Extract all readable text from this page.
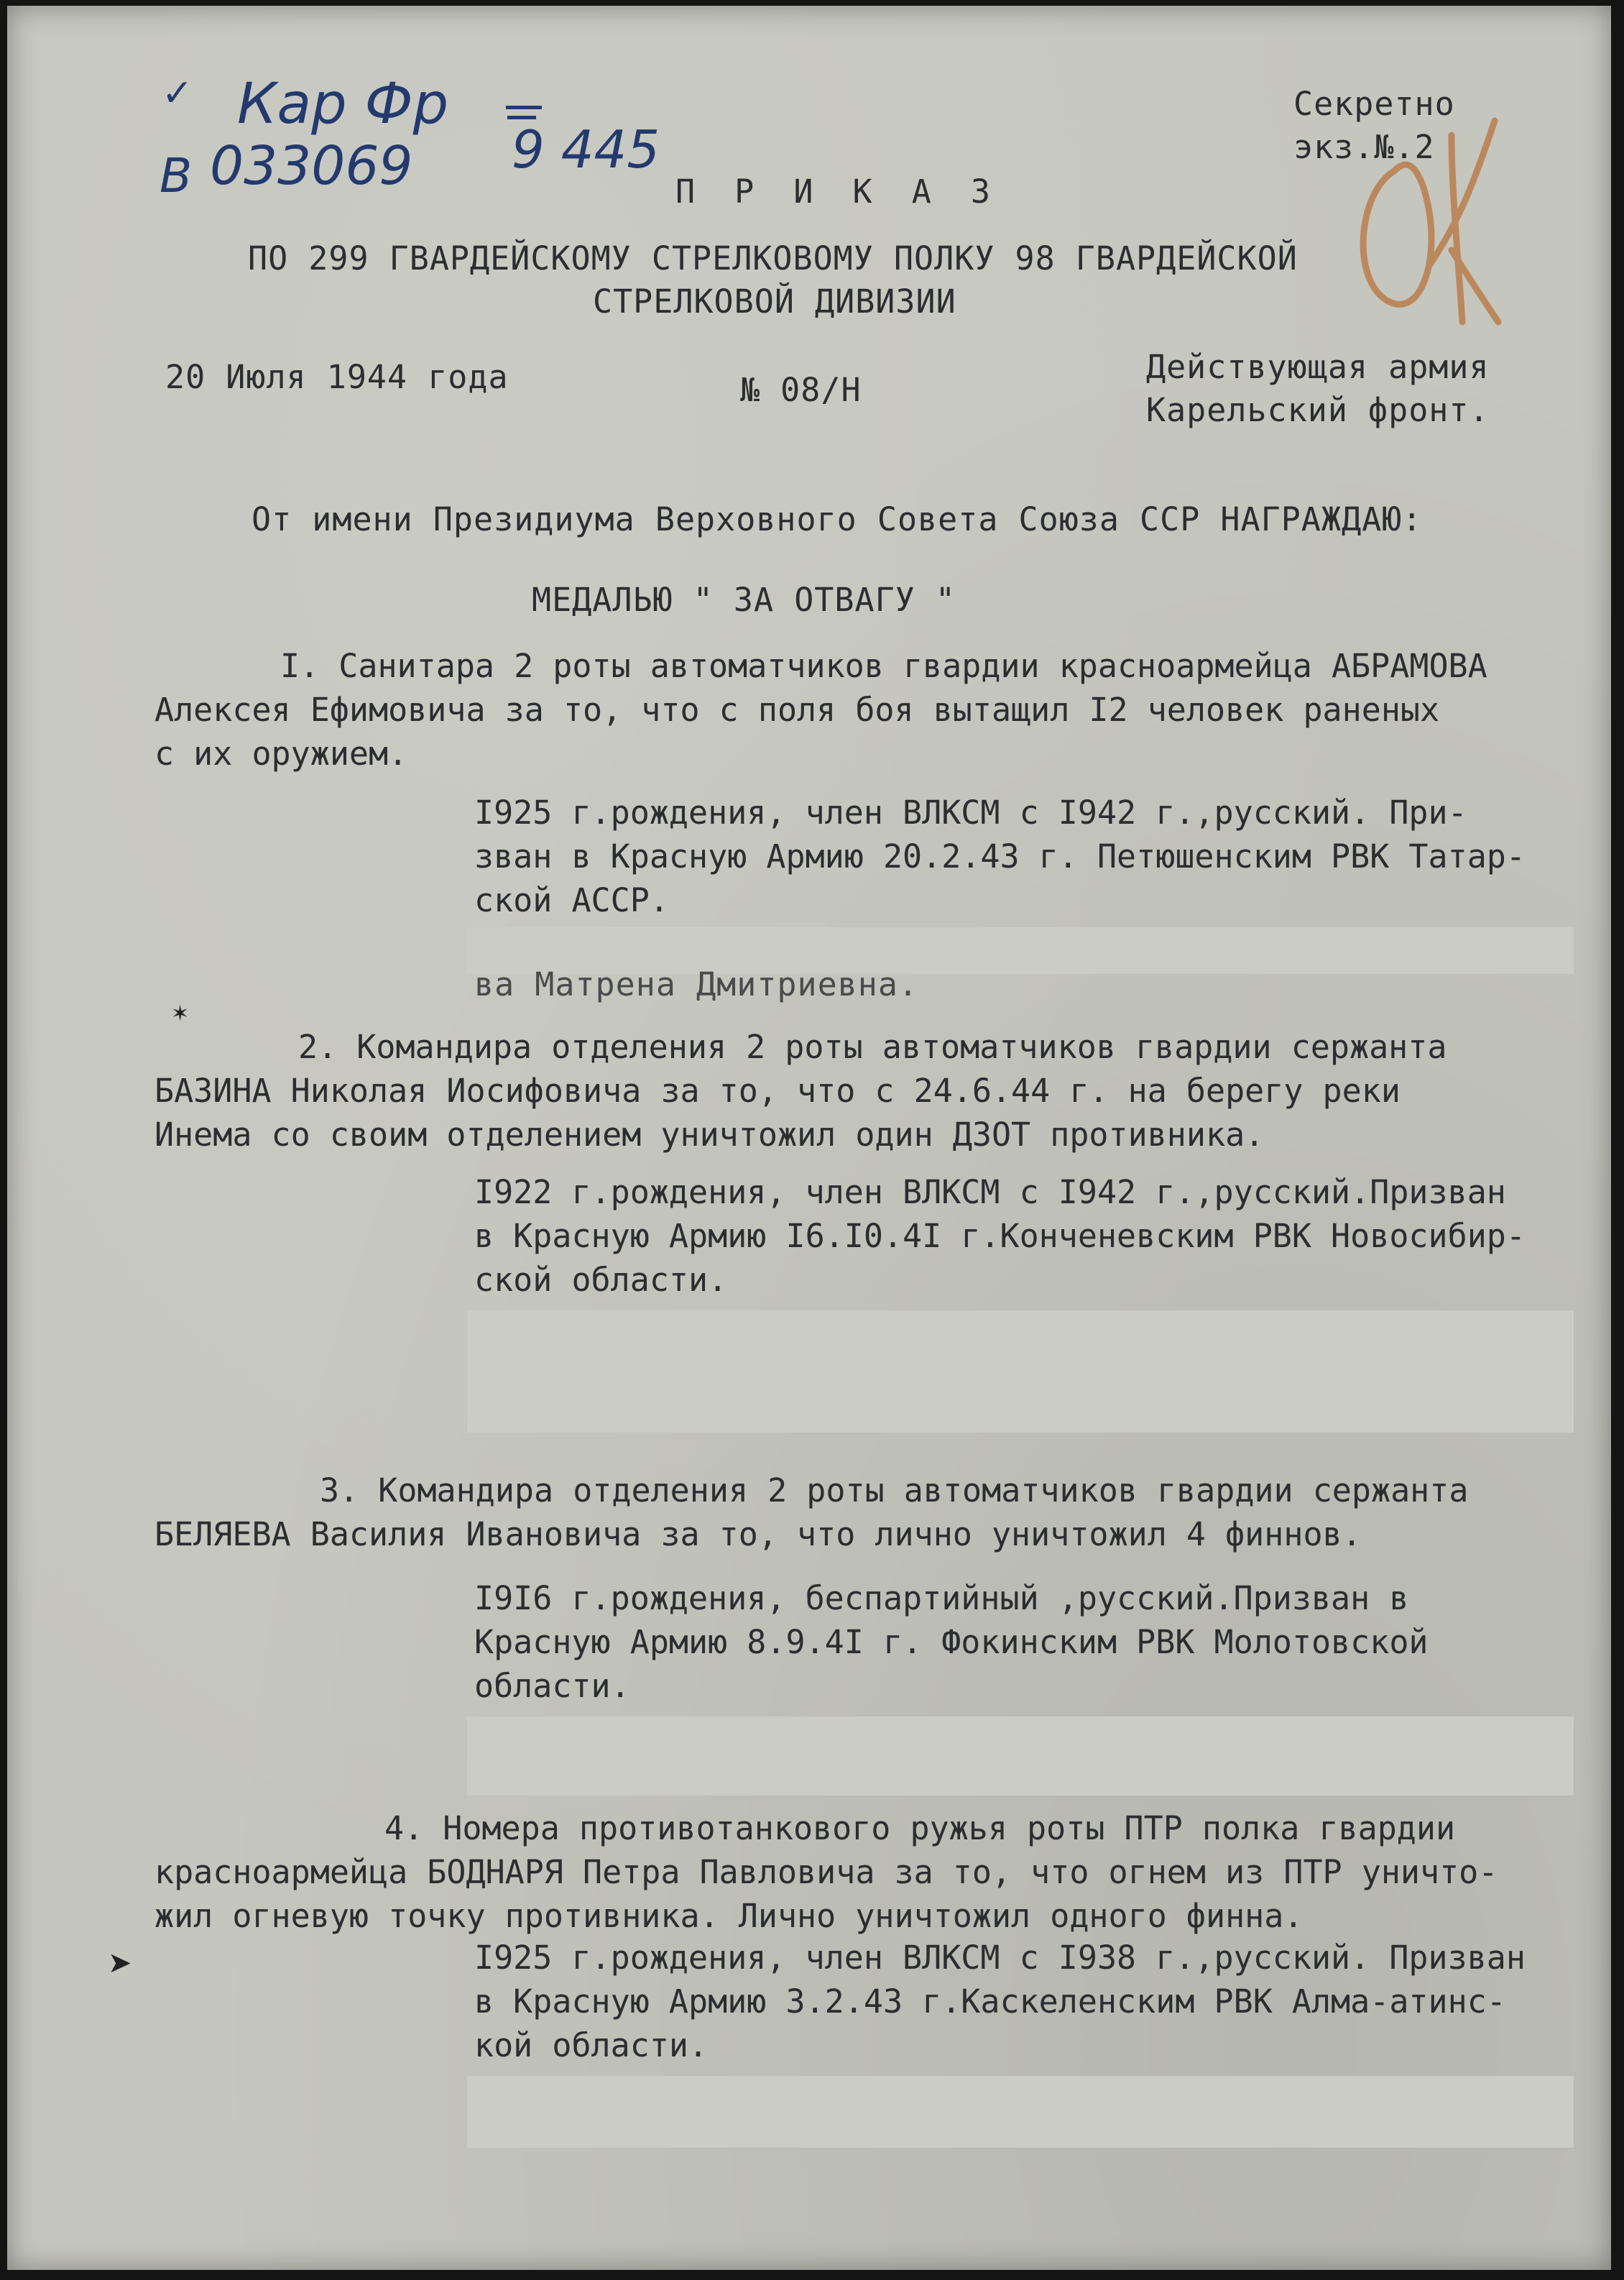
Кар Фр
✓
В 033069 9 445
Секретно
экз.№.2
П Р И К А З
ПО 299 ГВАРДЕЙСКОМУ СТРЕЛКОВОМУ ПОЛКУ 98 ГВАРДЕЙСКОЙ
СТРЕЛКОВОЙ ДИВИЗИИ
20 Июля 1944 года	№ 08/Н
Действующая армия
Карельский фронт.
От имени Президиума Верховного Совета Союза ССР НАГРАЖДАЮ:
МЕДАЛЬЮ " ЗА ОТВАГУ "
I. Санитара 2 роты автоматчиков гвардии красноармейца АБРАМОВА
Алексея Ефимовича за то, что с поля боя вытащил I2 человек раненых
с их оружием.
I925 г.рождения, член ВЛКСМ с I942 г.,русский. При-
зван в Красную Армию 20.2.43 г. Петюшенским РВК Татар-
ской АССР.
ва Матрена Дмитриевна.
2. Командира отделения 2 роты автоматчиков гвардии сержанта
БАЗИНА Николая Иосифовича за то, что с 24.6.44 г. на берегу реки
Инема со своим отделением уничтожил один ДЗОТ противника.
I922 г.рождения, член ВЛКСМ с I942 г.,русский.Призван
в Красную Армию I6.I0.4I г.Конченевским РВК Новосибир-
ской области.
3. Командира отделения 2 роты автоматчиков гвардии сержанта
БЕЛЯЕВА Василия Ивановича за то, что лично уничтожил 4 финнов.
I9I6 г.рождения, беспартийный ,русский.Призван в
Красную Армию 8.9.4I г. Фокинским РВК Молотовской
области.
4. Номера противотанкового ружья роты ПТР полка гвардии
красноармейца БОДНАРЯ Петра Павловича за то, что огнем из ПТР уничто-
жил огневую точку противника. Лично уничтожил одного финна.
I925 г.рождения, член ВЛКСМ с I938 г.,русский. Призван
в Красную Армию 3.2.43 г.Каскеленским РВК Алма-атинс-
кой области.
✶
➤
